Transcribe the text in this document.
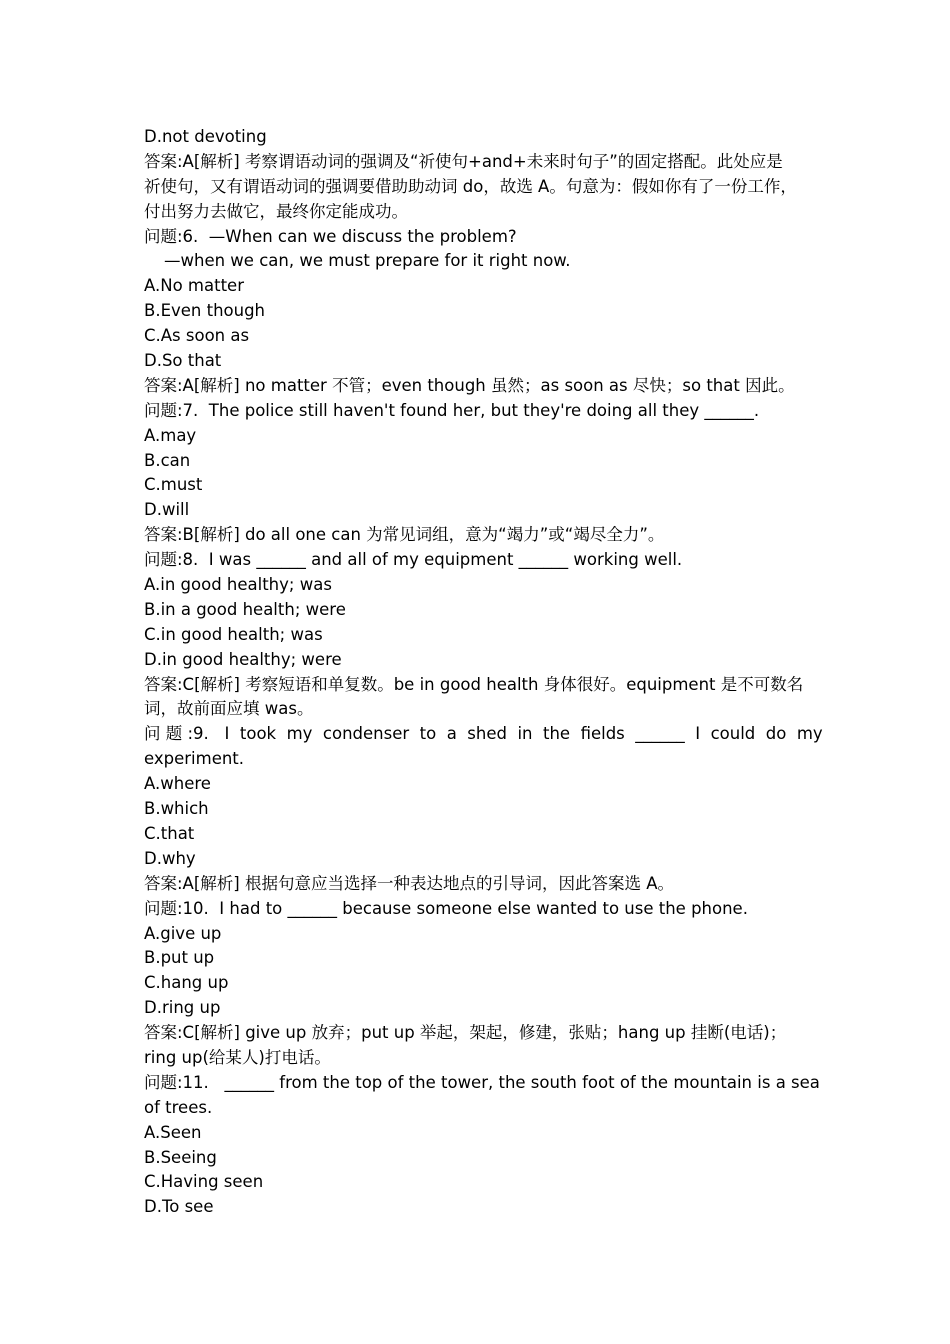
D.not devoting
答案:A[解析] 考察谓语动词的强调及“祈使句+and+未来时句子”的固定搭配。此处应是
祈使句，又有谓语动词的强调要借助助动词 do，故选 A。句意为：假如你有了一份工作，
付出努力去做它，最终你定能成功。
问题:6.  —When can we discuss the problem?
—when we can, we must prepare for it right now.
A.No matter
B.Even though
C.As soon as
D.So that
答案:A[解析] no matter 不管；even though 虽然；as soon as 尽快；so that 因此。
问题:7.  The police still haven't found her, but they're doing all they ______.
A.may
B.can
C.must
D.will
答案:B[解析] do all one can 为常见词组，意为“竭力”或“竭尽全力”。
问题:8.  I was ______ and all of my equipment ______ working well.
A.in good healthy; was
B.in a good health; were
C.in good health; was
D.in good healthy; were
答案:C[解析] 考察短语和单复数。be in good health 身体很好。equipment 是不可数名
词，故前面应填 was。
问 题 :9.   I  took  my  condenser  to  a  shed  in  the  fields  ______  I  could  do  my
experiment.
A.where
B.which
C.that
D.why
答案:A[解析] 根据句意应当选择一种表达地点的引导词，因此答案选 A。
问题:10.  I had to ______ because someone else wanted to use the phone.
A.give up
B.put up
C.hang up
D.ring up
答案:C[解析] give up 放弃；put up 举起，架起，修建，张贴；hang up 挂断(电话)；
ring up(给某人)打电话。
问题:11.   ______ from the top of the tower, the south foot of the mountain is a sea
of trees.
A.Seen
B.Seeing
C.Having seen
D.To see
